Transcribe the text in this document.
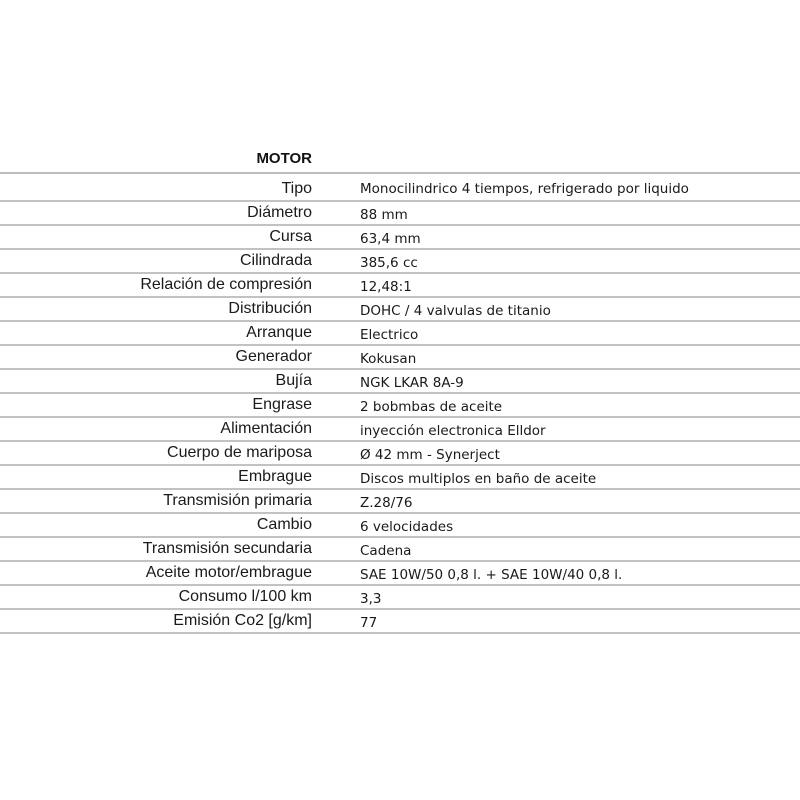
MOTOR
Tipo	Monocilindrico 4 tiempos, refrigerado por liquido
Diámetro	88 mm
Cursa	63,4 mm
Cilindrada	385,6 cc
Relación de compresión	12,48:1
Distribución	DOHC / 4 valvulas de titanio
Arranque	Electrico
Generador	Kokusan
Bujía	NGK LKAR 8A-9
Engrase	2 bobmbas de aceite
Alimentación	inyección electronica Elldor
Cuerpo de mariposa	Ø 42 mm - Synerject
Embrague	Discos multiplos en baño de aceite
Transmisión primaria	Z.28/76
Cambio	6 velocidades
Transmisión secundaria	Cadena
Aceite motor/embrague	SAE 10W/50 0,8 l. + SAE 10W/40 0,8 l.
Consumo l/100 km	3,3
Emisión Co2 [g/km]	77
